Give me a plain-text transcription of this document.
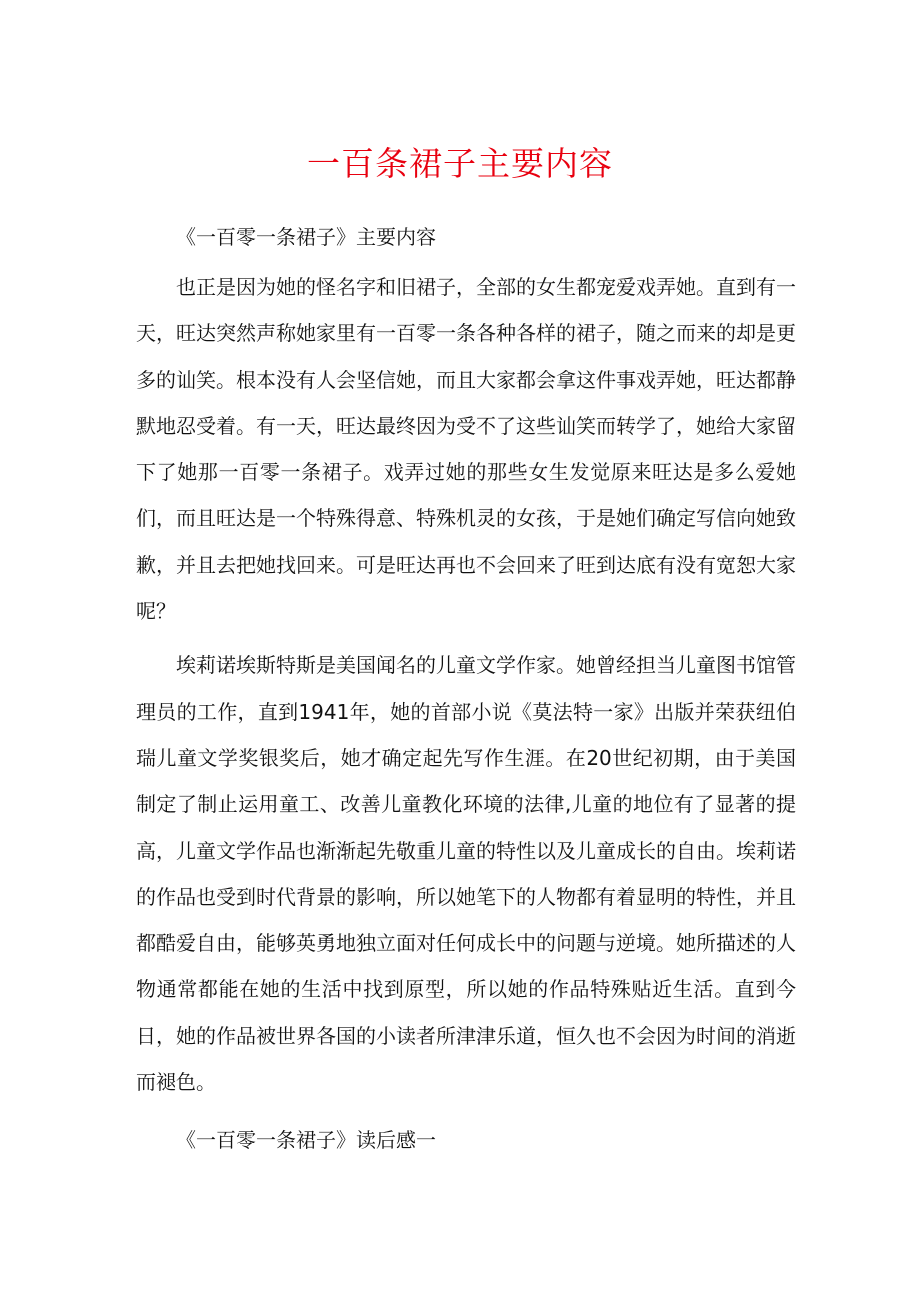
一百条裙子主要内容

《一百零一条裙子》主要内容

也正是因为她的怪名字和旧裙子，全部的女生都宠爱戏弄她。直到有一天，旺达突然声称她家里有一百零一条各种各样的裙子，随之而来的却是更多的讪笑。根本没有人会坚信她，而且大家都会拿这件事戏弄她，旺达都静默地忍受着。有一天，旺达最终因为受不了这些讪笑而转学了，她给大家留下了她那一百零一条裙子。戏弄过她的那些女生发觉原来旺达是多么爱她们，而且旺达是一个特殊得意、特殊机灵的女孩，于是她们确定写信向她致歉，并且去把她找回来。可是旺达再也不会回来了旺到达底有没有宽恕大家呢？

埃莉诺埃斯特斯是美国闻名的儿童文学作家。她曾经担当儿童图书馆管理员的工作，直到1941年，她的首部小说《莫法特一家》出版并荣获纽伯瑞儿童文学奖银奖后，她才确定起先写作生涯。在20世纪初期，由于美国制定了制止运用童工、改善儿童教化环境的法律,儿童的地位有了显著的提高，儿童文学作品也渐渐起先敬重儿童的特性以及儿童成长的自由。埃莉诺的作品也受到时代背景的影响，所以她笔下的人物都有着显明的特性，并且都酷爱自由，能够英勇地独立面对任何成长中的问题与逆境。她所描述的人物通常都能在她的生活中找到原型，所以她的作品特殊贴近生活。直到今日，她的作品被世界各国的小读者所津津乐道，恒久也不会因为时间的消逝而褪色。

《一百零一条裙子》读后感一
